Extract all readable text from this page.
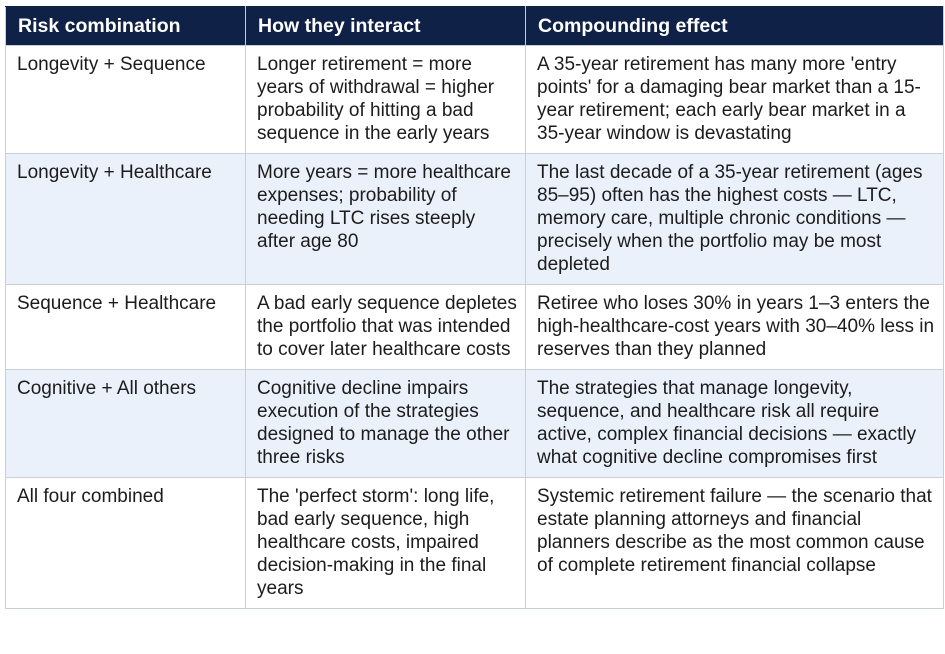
Risk combination	How they interact	Compounding effect
Longevity + Sequence	Longer retirement = more years of withdrawal = higher probability of hitting a bad sequence in the early years	A 35-year retirement has many more 'entry points' for a damaging bear market than a 15-year retirement; each early bear market in a 35-year window is devastating
Longevity + Healthcare	More years = more healthcare expenses; probability of needing LTC rises steeply after age 80	The last decade of a 35-year retirement (ages 85–95) often has the highest costs — LTC, memory care, multiple chronic conditions — precisely when the portfolio may be most depleted
Sequence + Healthcare	A bad early sequence depletes the portfolio that was intended to cover later healthcare costs	Retiree who loses 30% in years 1–3 enters the high-healthcare-cost years with 30–40% less in reserves than they planned
Cognitive + All others	Cognitive decline impairs execution of the strategies designed to manage the other three risks	The strategies that manage longevity, sequence, and healthcare risk all require active, complex financial decisions — exactly what cognitive decline compromises first
All four combined	The 'perfect storm': long life, bad early sequence, high healthcare costs, impaired decision-making in the final years	Systemic retirement failure — the scenario that estate planning attorneys and financial planners describe as the most common cause of complete retirement financial collapse
